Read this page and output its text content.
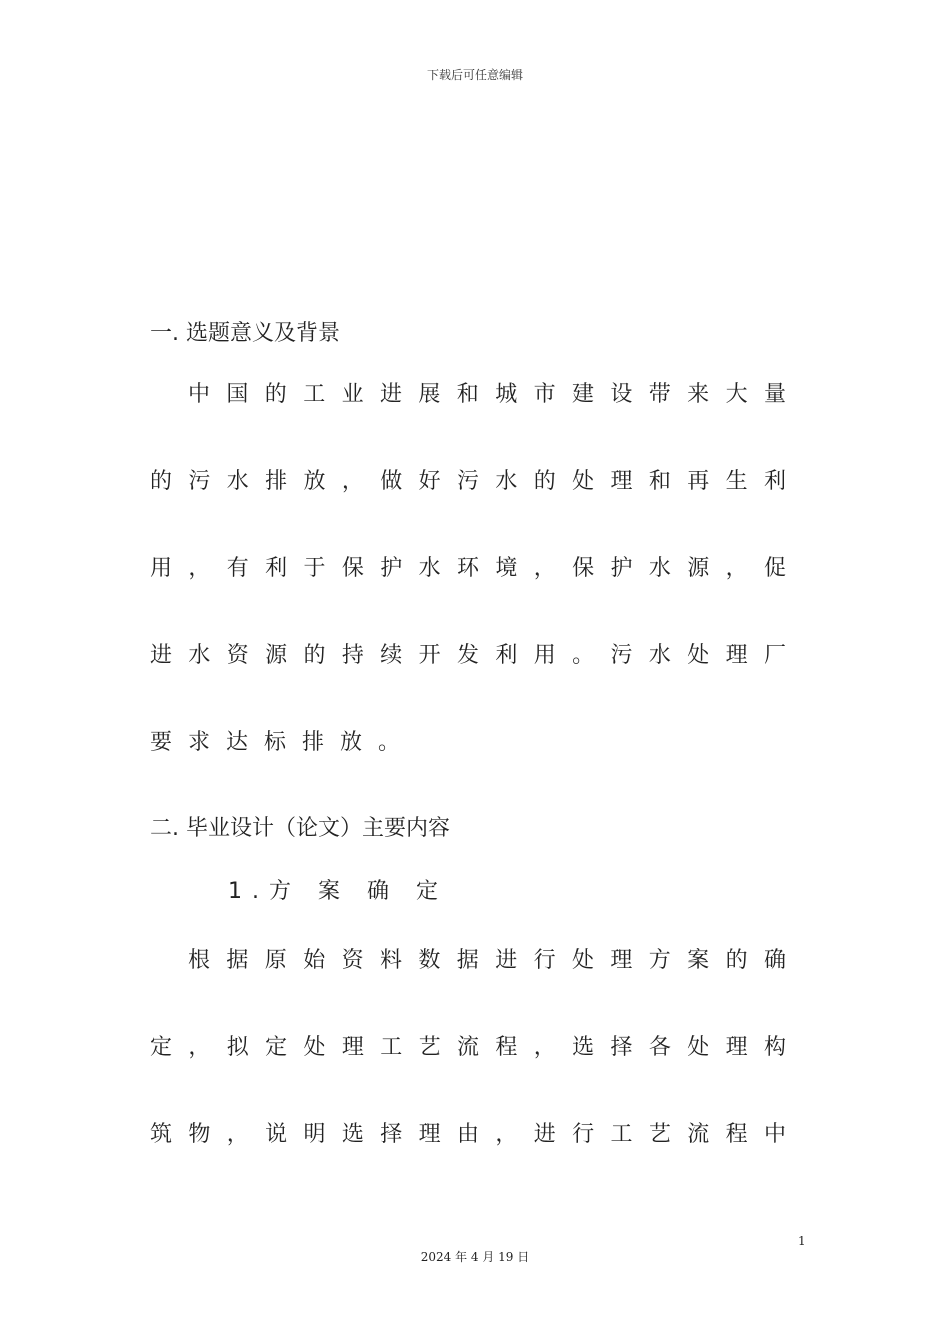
下载后可任意编辑
一. 选题意义及背景
中国的工业进展和城市建设带来大量
的污水排放，做好污水的处理和再生利
用，有利于保护水环境，保护水源，促
进水资源的持续开发利用。污水处理厂
要求达标排放。
二. 毕业设计（论文）主要内容
1.方 案 确 定
根据原始资料数据进行处理方案的确
定，拟定处理工艺流程，选择各处理构
筑物，说明选择理由，进行工艺流程中
1
2024 年 4 月 19 日
